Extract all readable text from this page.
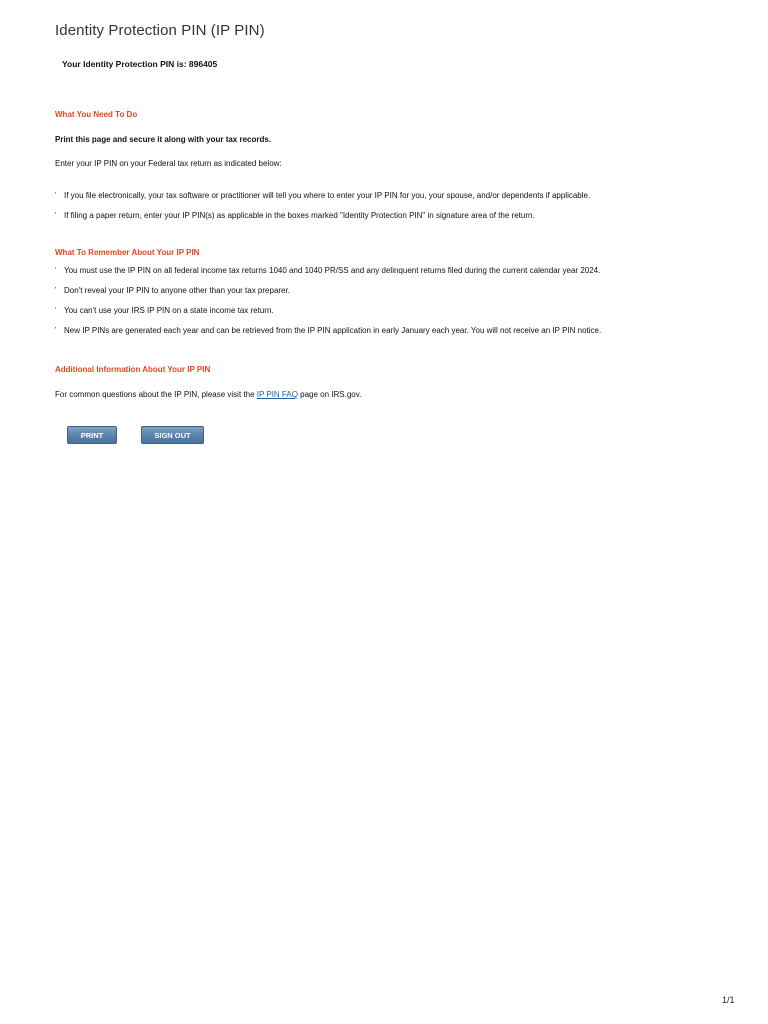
Identity Protection PIN (IP PIN)
Your Identity Protection PIN is: 896405
What You Need To Do
Print this page and secure it along with your tax records.
Enter your IP PIN on your Federal tax return as indicated below:
' If you file electronically, your tax software or practitioner will tell you where to enter your IP PIN for you, your spouse, and/or dependents if applicable.
' If filing a paper return, enter your IP PIN(s) as applicable in the boxes marked "Identity Protection PIN" in signature area of the return.
What To Remember About Your IP PIN
' You must use the IP PIN on all federal income tax returns 1040 and 1040 PR/SS and any delinquent returns filed during the current calendar year 2024.
' Don't reveal your IP PIN to anyone other than your tax preparer.
' You can't use your IRS IP PIN on a state income tax return.
' New IP PINs are generated each year and can be retrieved from the IP PIN application in early January each year. You will not receive an IP PIN notice.
Additional Information About Your IP PIN
For common questions about the IP PIN, please visit the IP PIN FAQ page on IRS.gov.
PRINT	SIGN OUT
1/1
